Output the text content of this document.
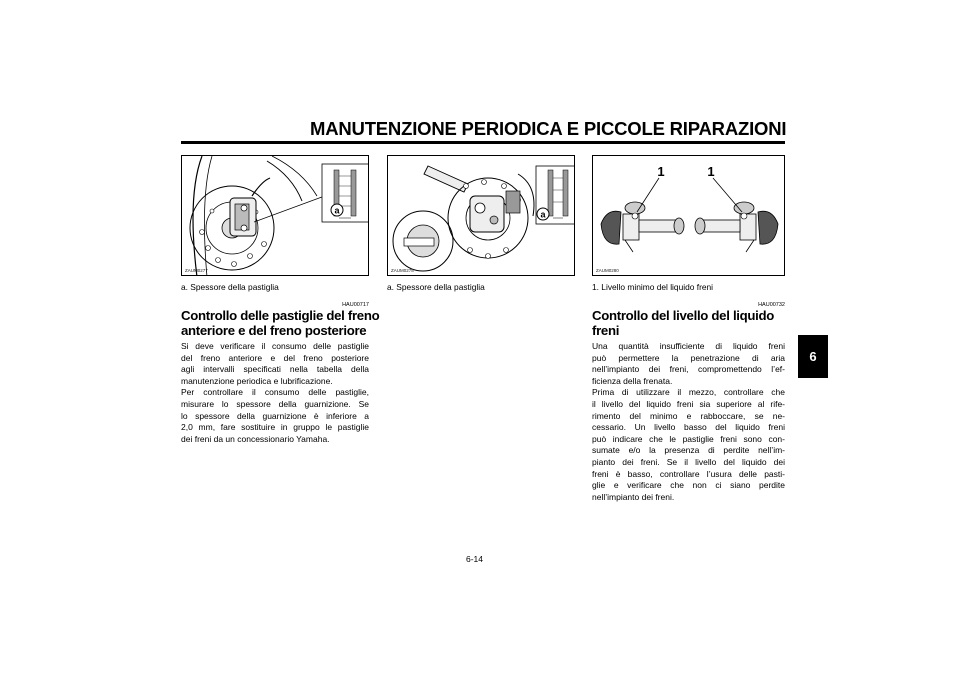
MANUTENZIONE PERIODICA E PICCOLE RIPARAZIONI
6
a
ZAUM0277
a. Spessore della pastiglia
a
ZAUM0278
a. Spessore della pastiglia
1	1
ZAUM0280
1. Livello minimo del liquido freni
HAU00717
Controllo delle pastiglie del freno
anteriore e del freno posteriore
Si deve verificare il consumo delle pastiglie
del freno anteriore e del freno posteriore
agli intervalli specificati nella tabella della
manutenzione periodica e lubrificazione.
Per controllare il consumo delle pastiglie,
misurare lo spessore della guarnizione. Se
lo spessore della guarnizione è inferiore a
2,0 mm, fare sostituire in gruppo le pastiglie
dei freni da un concessionario Yamaha.
HAU00732
Controllo del livello del liquido
freni
Una quantità insufficiente di liquido freni
può permettere la penetrazione di aria
nell’impianto dei freni, compromettendo l’ef-
ficienza della frenata.
Prima di utilizzare il mezzo, controllare che
il livello del liquido freni sia superiore al rife-
rimento del minimo e rabboccare, se ne-
cessario. Un livello basso del liquido freni
può indicare che le pastiglie freni sono con-
sumate e/o la presenza di perdite nell’im-
pianto dei freni. Se il livello del liquido dei
freni è basso, controllare l’usura delle pasti-
glie e verificare che non ci siano perdite
nell’impianto dei freni.
6-14
